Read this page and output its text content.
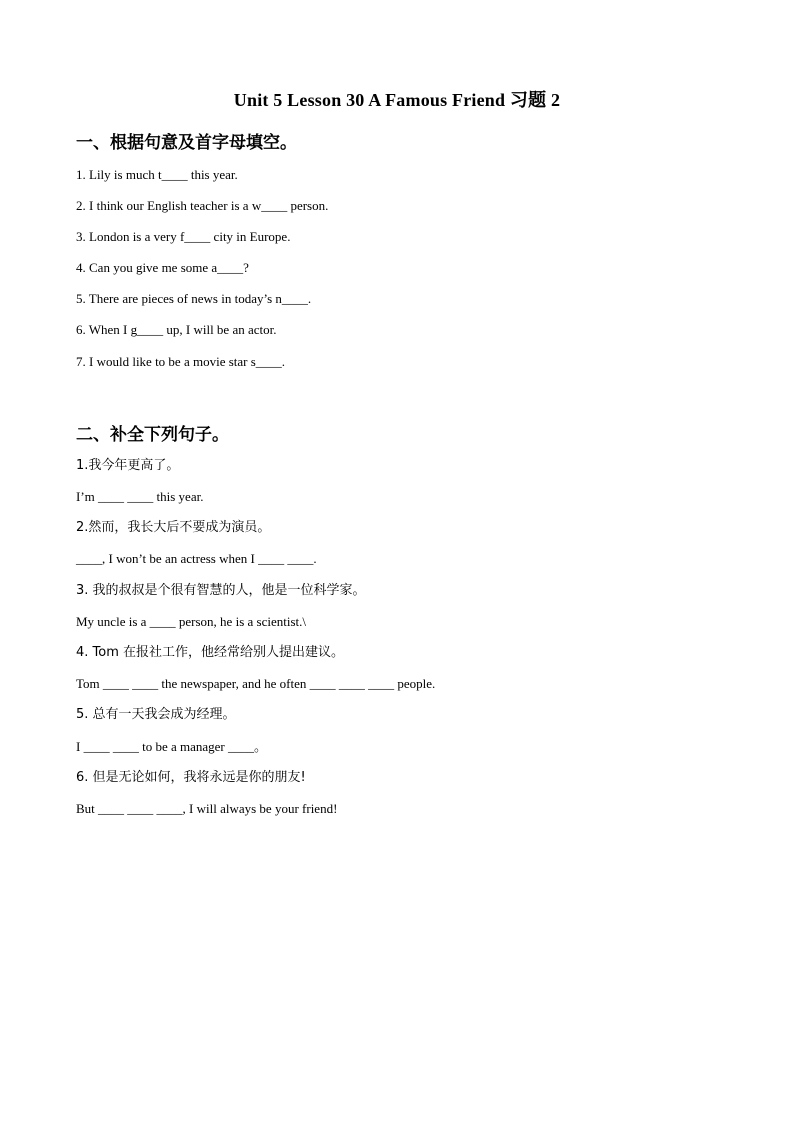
Unit 5 Lesson 30 A Famous Friend 习题 2
一、根据句意及首字母填空。
1. Lily is much t____ this year.
2. I think our English teacher is a w____ person.
3. London is a very f____ city in Europe.
4. Can you give me some a____?
5. There are pieces of news in today’s n____.
6. When I g____ up, I will be an actor.
7. I would like to be a movie star s____.
二、补全下列句子。
1.我今年更高了。
I’m ____ ____ this year.
2.然而，我长大后不要成为演员。
____, I won’t be an actress when I ____ ____.
3. 我的叔叔是个很有智慧的人，他是一位科学家。
My uncle is a ____ person, he is a scientist.\
4. Tom 在报社工作，他经常给别人提出建议。
Tom ____ ____ the newspaper, and he often ____ ____ ____ people.
5. 总有一天我会成为经理。
I ____ ____ to be a manager ____。
6. 但是无论如何，我将永远是你的朋友!
But ____ ____ ____, I will always be your friend!
